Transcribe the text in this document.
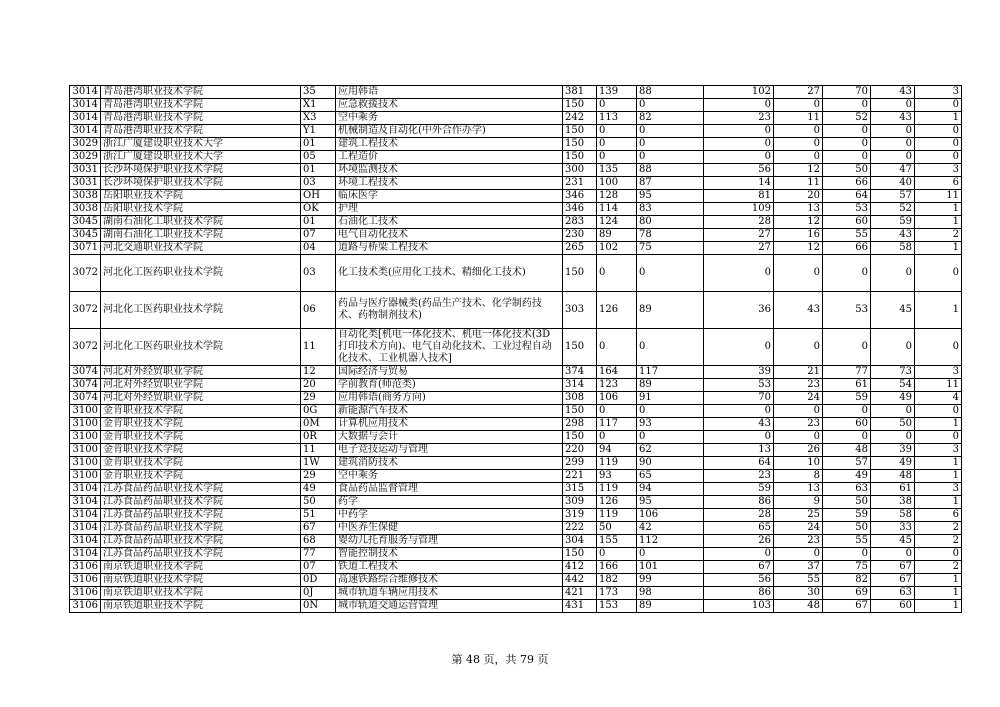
3014	青岛港湾职业技术学院	35	应用韩语	381	139	88	102	27	70	43	3
3014	青岛港湾职业技术学院	X1	应急救援技术	150	0	0	0	0	0	0	0
3014	青岛港湾职业技术学院	X3	空中乘务	242	113	82	23	11	52	43	1
3014	青岛港湾职业技术学院	Y1	机械制造及自动化(中外合作办学)	150	0	0	0	0	0	0	0
3029	浙江广厦建设职业技术大学	01	建筑工程技术	150	0	0	0	0	0	0	0
3029	浙江广厦建设职业技术大学	05	工程造价	150	0	0	0	0	0	0	0
3031	长沙环境保护职业技术学院	01	环境监测技术	300	135	88	56	12	50	47	3
3031	长沙环境保护职业技术学院	03	环境工程技术	231	100	87	14	11	66	40	6
3038	岳阳职业技术学院	OH	临床医学	346	128	95	81	20	64	57	11
3038	岳阳职业技术学院	OK	护理	346	114	83	109	13	53	52	1
3045	湖南石油化工职业技术学院	01	石油化工技术	283	124	80	28	12	60	59	1
3045	湖南石油化工职业技术学院	07	电气自动化技术	230	89	78	27	16	55	43	2
3071	河北交通职业技术学院	04	道路与桥梁工程技术	265	102	75	27	12	66	58	1
3072	河北化工医药职业技术学院	03	化工技术类(应用化工技术、精细化工技术)	150	0	0	0	0	0	0	0
3072	河北化工医药职业技术学院	06	药品与医疗器械类(药品生产技术、化学制药技术、药物制剂技术)	303	126	89	36	43	53	45	1
3072	河北化工医药职业技术学院	11	自动化类[机电一体化技术、机电一体化技术(3D打印技术方向)、电气自动化技术、工业过程自动化技术、工业机器人技术]	150	0	0	0	0	0	0	0
3074	河北对外经贸职业学院	12	国际经济与贸易	374	164	117	39	21	77	73	3
3074	河北对外经贸职业学院	20	学前教育(师范类)	314	123	89	53	23	61	54	11
3074	河北对外经贸职业学院	29	应用韩语(商务方向)	308	106	91	70	24	59	49	4
3100	金肯职业技术学院	0G	新能源汽车技术	150	0	0	0	0	0	0	0
3100	金肯职业技术学院	0M	计算机应用技术	298	117	93	43	23	60	50	1
3100	金肯职业技术学院	0R	大数据与会计	150	0	0	0	0	0	0	0
3100	金肯职业技术学院	11	电子竞技运动与管理	220	94	62	13	26	48	39	3
3100	金肯职业技术学院	1W	建筑消防技术	299	119	90	64	10	57	49	1
3100	金肯职业技术学院	29	空中乘务	221	93	65	23	8	49	48	1
3104	江苏食品药品职业技术学院	49	食品药品监督管理	315	119	94	59	13	63	61	3
3104	江苏食品药品职业技术学院	50	药学	309	126	95	86	9	50	38	1
3104	江苏食品药品职业技术学院	51	中药学	319	119	106	28	25	59	58	6
3104	江苏食品药品职业技术学院	67	中医养生保健	222	50	42	65	24	50	33	2
3104	江苏食品药品职业技术学院	68	婴幼儿托育服务与管理	304	155	112	26	23	55	45	2
3104	江苏食品药品职业技术学院	77	智能控制技术	150	0	0	0	0	0	0	0
3106	南京铁道职业技术学院	07	铁道工程技术	412	166	101	67	37	75	67	2
3106	南京铁道职业技术学院	0D	高速铁路综合维修技术	442	182	99	56	55	82	67	1
3106	南京铁道职业技术学院	0J	城市轨道车辆应用技术	421	173	98	86	30	69	63	1
3106	南京铁道职业技术学院	0N	城市轨道交通运营管理	431	153	89	103	48	67	60	1
第 48 页，共 79 页
